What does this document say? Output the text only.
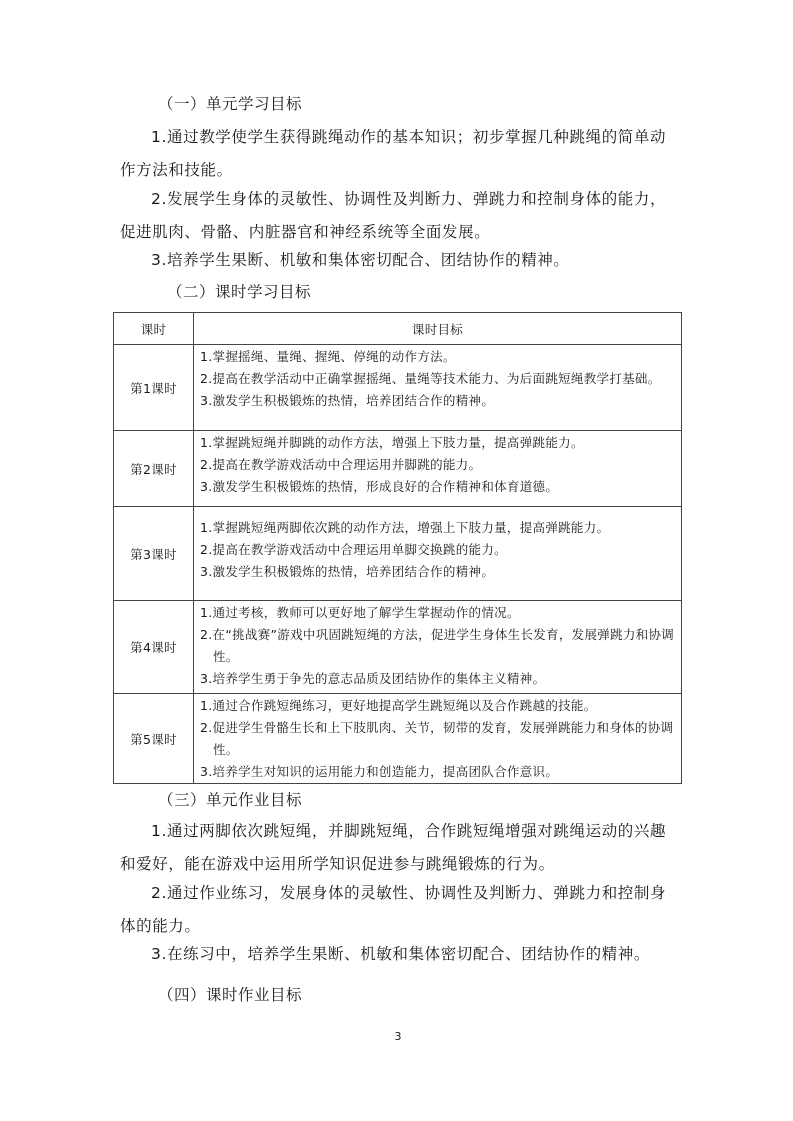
（一）单元学习目标
1.通过教学使学生获得跳绳动作的基本知识；初步掌握几种跳绳的简单动作方法和技能。
2.发展学生身体的灵敏性、协调性及判断力、弹跳力和控制身体的能力，促进肌肉、骨骼、内脏器官和神经系统等全面发展。
3.培养学生果断、机敏和集体密切配合、团结协作的精神。
（二）课时学习目标
课时	课时目标
第1课时	1.掌握摇绳、量绳、握绳、停绳的动作方法。
2.提高在教学活动中正确掌握摇绳、量绳等技术能力、为后面跳短绳教学打基础。
3.激发学生积极锻炼的热情，培养团结合作的精神。

第2课时	1.掌握跳短绳并脚跳的动作方法，增强上下肢力量，提高弹跳能力。
2.提高在教学游戏活动中合理运用并脚跳的能力。
3.激发学生积极锻炼的热情，形成良好的合作精神和体育道德。

第3课时	1.掌握跳短绳两脚依次跳的动作方法，增强上下肢力量，提高弹跳能力。
2.提高在教学游戏活动中合理运用单脚交换跳的能力。
3.激发学生积极锻炼的热情，培养团结合作的精神。

第4课时	1.通过考核，教师可以更好地了解学生掌握动作的情况。
2.在“挑战赛”游戏中巩固跳短绳的方法，促进学生身体生长发育，发展弹跳力和协调性。
3.培养学生勇于争先的意志品质及团结协作的集体主义精神。

第5课时	1.通过合作跳短绳练习，更好地提高学生跳短绳以及合作跳越的技能。
2.促进学生骨骼生长和上下肢肌肉、关节，韧带的发育，发展弹跳能力和身体的协调性。
3.培养学生对知识的运用能力和创造能力，提高团队合作意识。
（三）单元作业目标
1.通过两脚依次跳短绳，并脚跳短绳，合作跳短绳增强对跳绳运动的兴趣和爱好，能在游戏中运用所学知识促进参与跳绳锻炼的行为。
2.通过作业练习，发展身体的灵敏性、协调性及判断力、弹跳力和控制身体的能力。
3.在练习中，培养学生果断、机敏和集体密切配合、团结协作的精神。
（四）课时作业目标
3
